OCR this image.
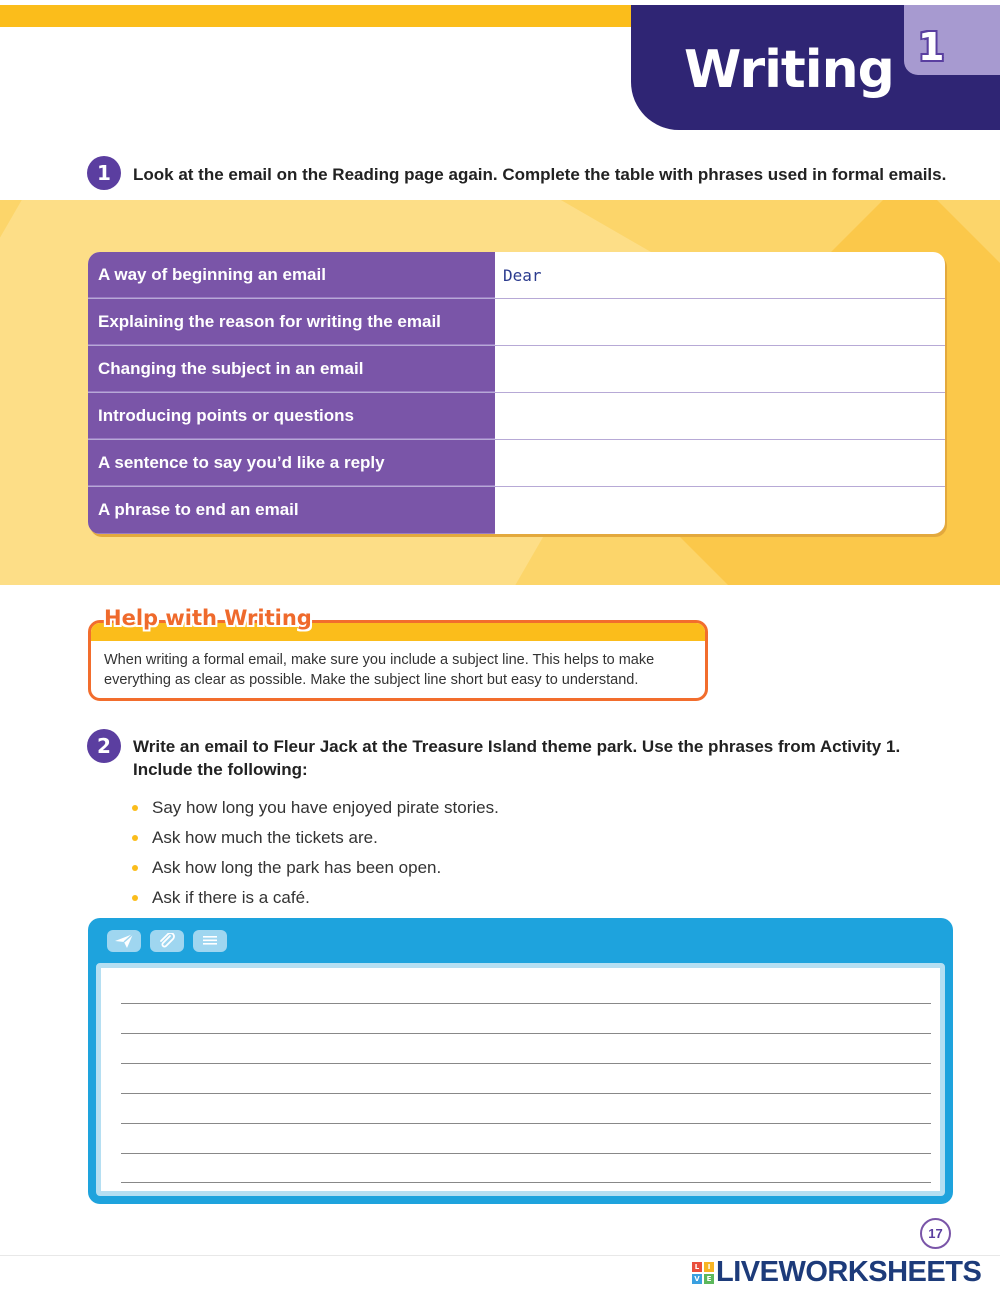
Writing 1
1	Look at the email on the Reading page again. Complete the table with phrases used in formal emails.
A way of beginning an email	Dear
Explaining the reason for writing the email
Changing the subject in an email
Introducing points or questions
A sentence to say you’d like a reply
A phrase to end an email
Help with Writing
When writing a formal email, make sure you include a subject line. This helps to make
everything as clear as possible. Make the subject line short but easy to understand.
2	Write an email to Fleur Jack at the Treasure Island theme park. Use the phrases from Activity 1.
Include the following:
Say how long you have enjoyed pirate stories.
Ask how much the tickets are.
Ask how long the park has been open.
Ask if there is a café.
17
L	I
V E LIVEWORKSHEETS
